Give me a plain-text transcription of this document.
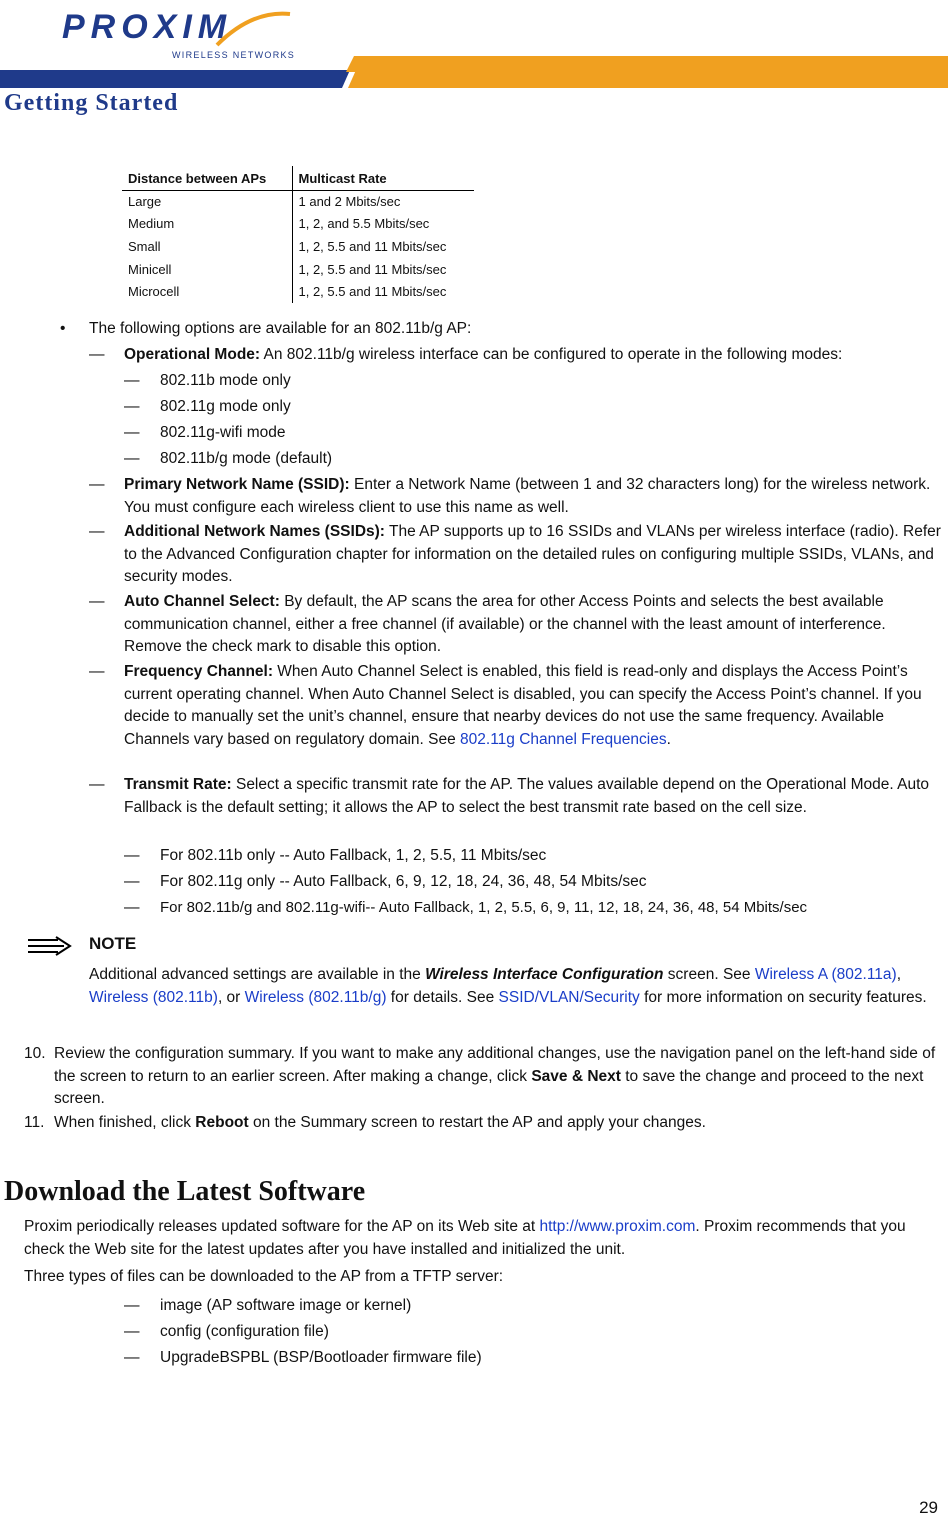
PROXIM
WIRELESS NETWORKS
Getting Started
Distance between APs	Multicast Rate
Large	1 and 2 Mbits/sec
Medium	1, 2, and 5.5 Mbits/sec
Small	1, 2, 5.5 and 11 Mbits/sec
Minicell	1, 2, 5.5 and 11 Mbits/sec
Microcell	1, 2, 5.5 and 11 Mbits/sec
• The following options are available for an 802.11b/g AP:
— Operational Mode: An 802.11b/g wireless interface can be configured to operate in the following modes:
— 802.11b mode only
— 802.11g mode only
— 802.11g-wifi mode
— 802.11b/g mode (default)
— Primary Network Name (SSID): Enter a Network Name (between 1 and 32 characters long) for the wireless network. You must configure each wireless client to use this name as well.
— Additional Network Names (SSIDs): The AP supports up to 16 SSIDs and VLANs per wireless interface (radio). Refer to the Advanced Configuration chapter for information on the detailed rules on configuring multiple SSIDs, VLANs, and security modes.
— Auto Channel Select: By default, the AP scans the area for other Access Points and selects the best available communication channel, either a free channel (if available) or the channel with the least amount of interference. Remove the check mark to disable this option.
— Frequency Channel: When Auto Channel Select is enabled, this field is read-only and displays the Access Point’s current operating channel. When Auto Channel Select is disabled, you can specify the Access Point’s channel. If you decide to manually set the unit’s channel, ensure that nearby devices do not use the same frequency. Available Channels vary based on regulatory domain. See 802.11g Channel Frequencies.
— Transmit Rate: Select a specific transmit rate for the AP. The values available depend on the Operational Mode. Auto Fallback is the default setting; it allows the AP to select the best transmit rate based on the cell size.
— For 802.11b only -- Auto Fallback, 1, 2, 5.5, 11 Mbits/sec
— For 802.11g only -- Auto Fallback, 6, 9, 12, 18, 24, 36, 48, 54 Mbits/sec
— For 802.11b/g and 802.11g-wifi-- Auto Fallback, 1, 2, 5.5, 6, 9, 11, 12, 18, 24, 36, 48, 54 Mbits/sec
NOTE
Additional advanced settings are available in the Wireless Interface Configuration screen. See Wireless A (802.11a), Wireless (802.11b), or Wireless (802.11b/g) for details. See SSID/VLAN/Security for more information on security features.
10. Review the configuration summary. If you want to make any additional changes, use the navigation panel on the left-hand side of the screen to return to an earlier screen. After making a change, click Save & Next to save the change and proceed to the next screen.
11. When finished, click Reboot on the Summary screen to restart the AP and apply your changes.
Download the Latest Software
Proxim periodically releases updated software for the AP on its Web site at http://www.proxim.com. Proxim recommends that you check the Web site for the latest updates after you have installed and initialized the unit.
Three types of files can be downloaded to the AP from a TFTP server:
— image (AP software image or kernel)
— config (configuration file)
— UpgradeBSPBL (BSP/Bootloader firmware file)
29
